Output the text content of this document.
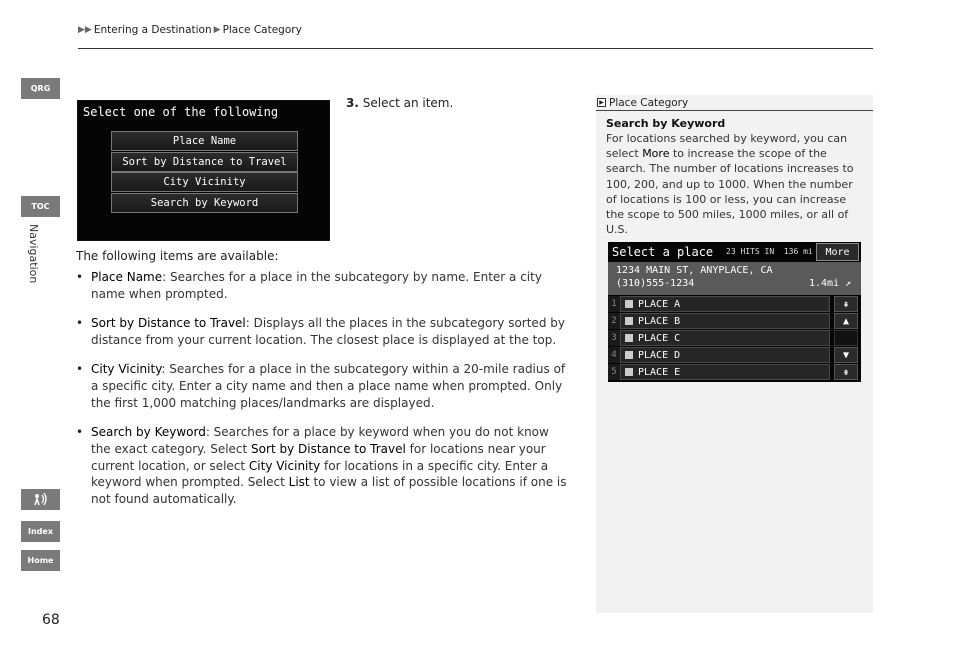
▶▶ Entering a Destination ▶ Place Category
QRG
TOC
Navigation
Index
Home
68
Select one of the following
Place Name
Sort by Distance to Travel
City Vicinity
Search by Keyword
3. Select an item.
The following items are available:
• Place Name: Searches for a place in the subcategory by name. Enter a city name when prompted.
• Sort by Distance to Travel: Displays all the places in the subcategory sorted by distance from your current location. The closest place is displayed at the top.
• City Vicinity: Searches for a place in the subcategory within a 20-mile radius of a specific city. Enter a city name and then a place name when prompted. Only the first 1,000 matching places/landmarks are displayed.
• Search by Keyword: Searches for a place by keyword when you do not know the exact category. Select Sort by Distance to Travel for locations near your current location, or select City Vicinity for locations in a specific city. Enter a keyword when prompted. Select List to view a list of possible locations if one is not found automatically.
▶ Place Category
Search by Keyword
For locations searched by keyword, you can select More to increase the scope of the search. The number of locations increases to 100, 200, and up to 1000. When the number of locations is 100 or less, you can increase the scope to 500 miles, 1000 miles, or all of U.S.
Select a place 23 HITS IN 136 mi	More
1234 MAIN ST, ANYPLACE, CA
(310)555-1234	1.4mi ↗
1	PLACE A
2	PLACE B
3	PLACE C
4	PLACE D
5	PLACE E
⇞
▲
▼
⇟
